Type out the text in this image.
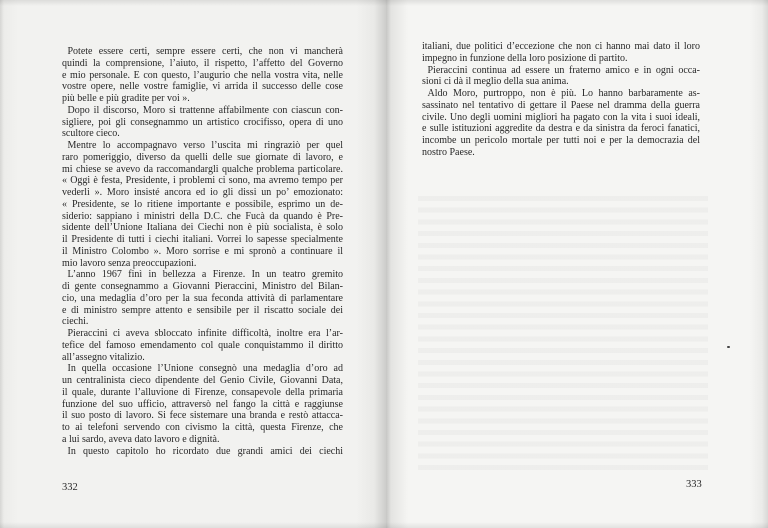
Potete essere certi, sempre essere certi, che non vi mancherà
quindi la comprensione, l’aiuto, il rispetto, l’affetto del Governo
e mio personale. E con questo, l’augurio che nella vostra vita, nelle
vostre opere, nelle vostre famiglie, vi arrida il successo delle cose
più belle e più gradite per voi ».
Dopo il discorso, Moro si trattenne affabilmente con ciascun con-
sigliere, poi gli consegnammo un artistico crocifisso, opera di uno
scultore cieco.
Mentre lo accompagnavo verso l’uscita mi ringraziò per quel
raro pomeriggio, diverso da quelli delle sue giornate di lavoro, e
mi chiese se avevo da raccomandargli qualche problema particolare.
« Oggi è festa, Presidente, i problemi ci sono, ma avremo tempo per
vederli ». Moro insisté ancora ed io gli dissi un po’ emozionato:
« Presidente, se lo ritiene importante e possibile, esprimo un de-
siderio: sappiano i ministri della D.C. che Fucà da quando è Pre-
sidente dell’Unione Italiana dei Ciechi non è più socialista, è solo
il Presidente di tutti i ciechi italiani. Vorrei lo sapesse specialmente
il Ministro Colombo ». Moro sorrise e mi spronò a continuare il
mio lavoro senza preoccupazioni.
L’anno 1967 finì in bellezza a Firenze. In un teatro gremito
di gente consegnammo a Giovanni Pieraccini, Ministro del Bilan-
cio, una medaglia d’oro per la sua feconda attività di parlamentare
e di ministro sempre attento e sensibile per il riscatto sociale dei
ciechi.
Pieraccini ci aveva sbloccato infinite difficoltà, inoltre era l’ar-
tefice del famoso emendamento col quale conquistammo il diritto
all’assegno vitalizio.
In quella occasione l’Unione consegnò una medaglia d’oro ad
un centralinista cieco dipendente del Genio Civile, Giovanni Data,
il quale, durante l’alluvione di Firenze, consapevole della primaria
funzione del suo ufficio, attraversò nel fango la città e raggiunse
il suo posto di lavoro. Si fece sistemare una branda e restò attacca-
to ai telefoni servendo con civismo la città, questa Firenze, che
a lui sardo, aveva dato lavoro e dignità.
In questo capitolo ho ricordato due grandi amici dei ciechi
332
italiani, due politici d’eccezione che non ci hanno mai dato il loro
impegno in funzione della loro posizione di partito.
Pieraccini continua ad essere un fraterno amico e in ogni occa-
sioni ci dà il meglio della sua anima.
Aldo Moro, purtroppo, non è più. Lo hanno barbaramente as-
sassinato nel tentativo di gettare il Paese nel dramma della guerra
civile. Uno degli uomini migliori ha pagato con la vita i suoi ideali,
e sulle istituzioni aggredite da destra e da sinistra da feroci fanatici,
incombe un pericolo mortale per tutti noi e per la democrazia del
nostro Paese.
333
